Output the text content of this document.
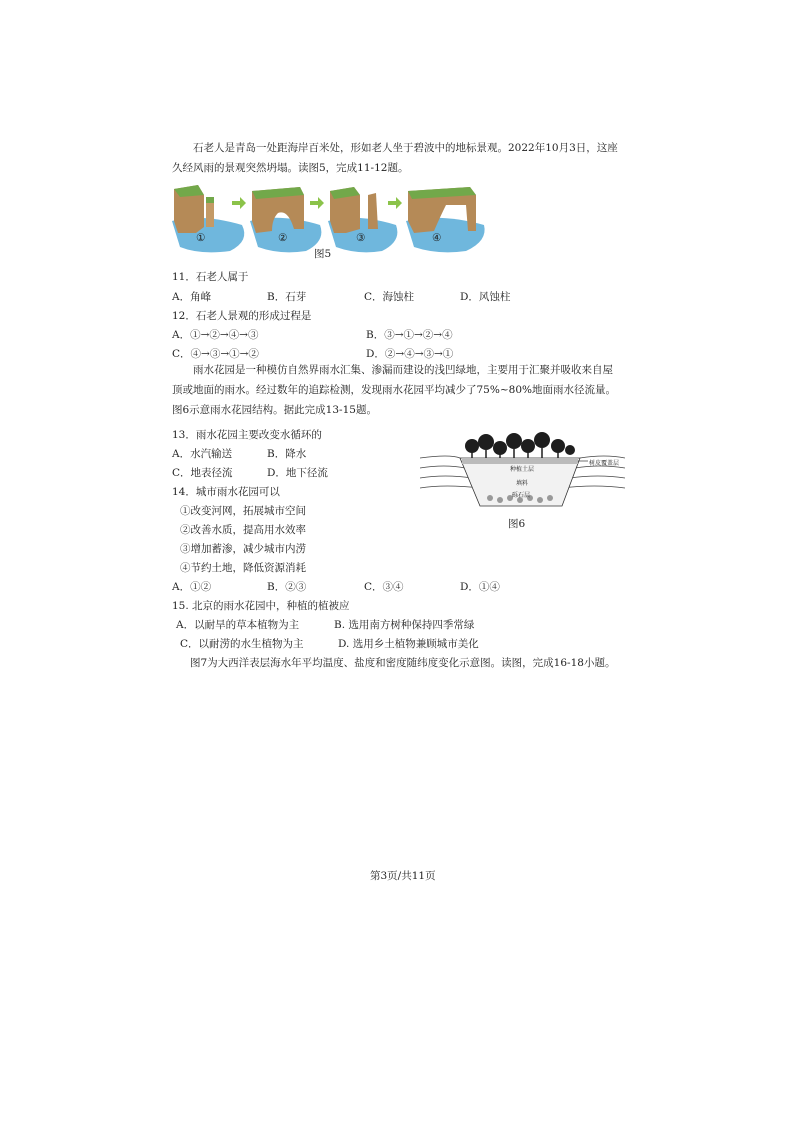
石老人是青岛一处距海岸百米处，形如老人坐于碧波中的地标景观。2022年10月3日，这座久经风雨的景观突然坍塌。读图5，完成11-12题。
①	②	③	④
图5
11．石老人属于
A．角峰	B．石芽	C．海蚀柱	D．风蚀柱
12．石老人景观的形成过程是
A．①→②→④→③	B．③→①→②→④
C．④→③→①→②	D．②→④→③→①
雨水花园是一种模仿自然界雨水汇集、渗漏而建设的浅凹绿地，主要用于汇聚并吸收来自屋顶或地面的雨水。经过数年的追踪检测，发现雨水花园平均减少了75%~80%地面雨水径流量。图6示意雨水花园结构。据此完成13-15题。
13．雨水花园主要改变水循环的
A．水汽输送	B．降水
C．地表径流	D．地下径流	种植土层
树皮覆盖层
填料
砾石层
图6
14．城市雨水花园可以
①改变河网，拓展城市空间
②改善水质，提高用水效率
③增加蓄渗，减少城市内涝
④节约土地，降低资源消耗
A．①②	B．②③	C．③④	D．①④
15. 北京的雨水花园中，种植的植被应
A．以耐旱的草本植物为主	B. 选用南方树种保持四季常绿
C．以耐涝的水生植物为主	D. 选用乡土植物兼顾城市美化
图7为大西洋表层海水年平均温度、盐度和密度随纬度变化示意图。读图，完成16-18小题。
第3页/共11页
